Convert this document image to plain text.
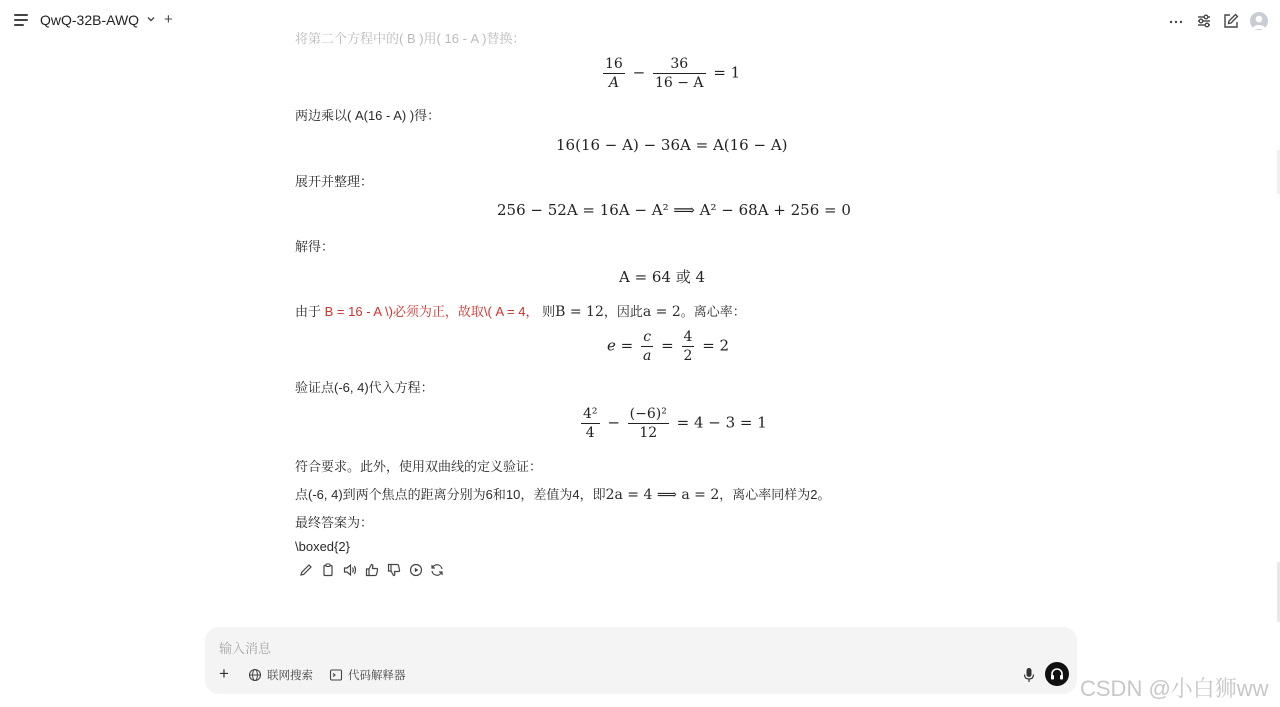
QwQ-32B-AWQ +
将第二个方程中的( B )用( 16 - A )替换：
$\frac{16}{A} - \frac{36}{16 - A} = 1$
两边乘以( A(16 - A) )得：
16(16 − A) − 36A = A(16 − A)
展开并整理：
256 − 52A = 16A − A² ⟹ A² − 68A + 256 = 0
解得：
A = 64 或 4
由于 B = 16 - A \)必须为正，故取\( A = 4， 则B = 12，因此a = 2。离心率：
$e = \frac{c}{a} = \frac{4}{2} = 2$
验证点(-6, 4)代入方程：
$\frac{\text{4²}}{4} - \frac{\text{(−6)²}}{12} = 4 - 3 = 1$
符合要求。此外，使用双曲线的定义验证：
点(-6, 4)到两个焦点的距离分别为6和10，差值为4，即2a = 4 ⟹ a = 2，离心率同样为2。
最终答案为：
\boxed{2}
输入消息
+	联网搜索	代码解释器	CSDN @小白狮ww
